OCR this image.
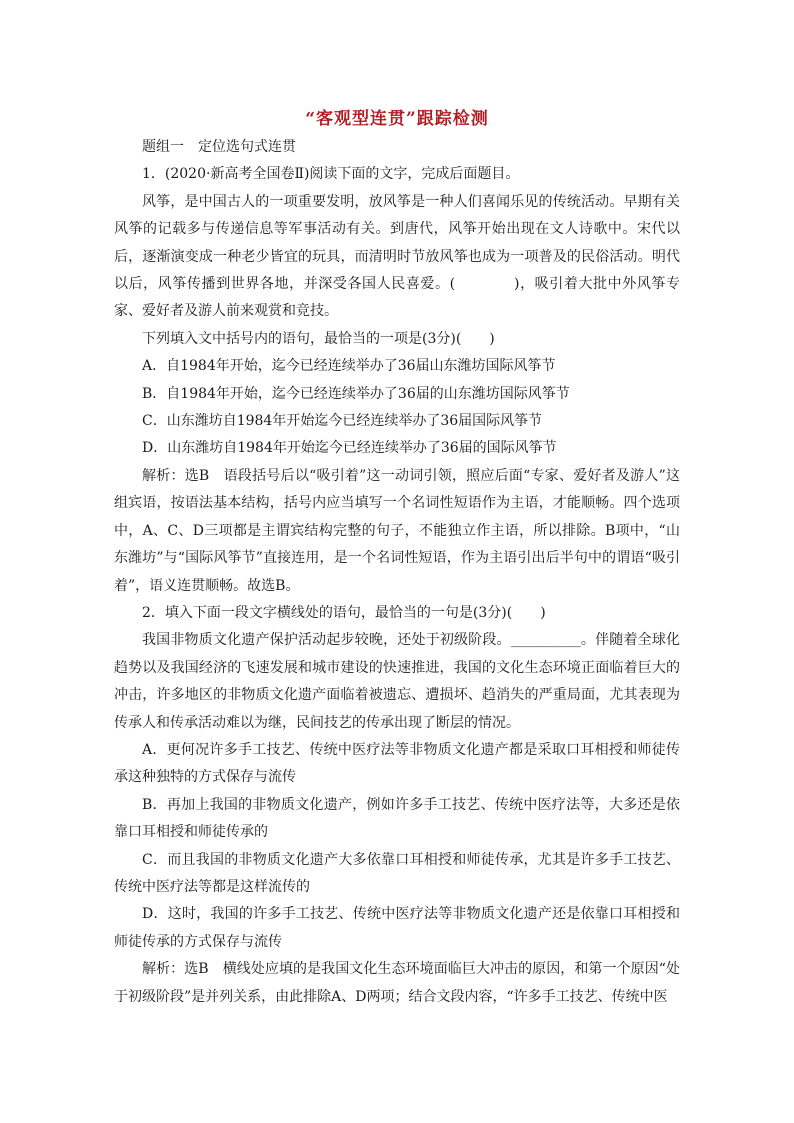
“客观型连贯”跟踪检测

题组一　定位选句式连贯

1．(2020·新高考全国卷Ⅱ)阅读下面的文字，完成后面题目。

风筝，是中国古人的一项重要发明，放风筝是一种人们喜闻乐见的传统活动。早期有关风筝的记载多与传递信息等军事活动有关。到唐代，风筝开始出现在文人诗歌中。宋代以后，逐渐演变成一种老少皆宜的玩具，而清明时节放风筝也成为一项普及的民俗活动。明代以后，风筝传播到世界各地，并深受各国人民喜爱。(　　　　)，吸引着大批中外风筝专家、爱好者及游人前来观赏和竞技。

下列填入文中括号内的语句，最恰当的一项是(3分)(　　)

A．自1984年开始，迄今已经连续举办了36届山东潍坊国际风筝节

B．自1984年开始，迄今已经连续举办了36届的山东潍坊国际风筝节

C．山东潍坊自1984年开始迄今已经连续举办了36届国际风筝节

D．山东潍坊自1984年开始迄今已经连续举办了36届的国际风筝节

解析：选B　语段括号后以“吸引着”这一动词引领，照应后面“专家、爱好者及游人”这组宾语，按语法基本结构，括号内应当填写一个名词性短语作为主语，才能顺畅。四个选项中，A、C、D三项都是主谓宾结构完整的句子，不能独立作主语，所以排除。B项中，“山东潍坊”与“国际风筝节”直接连用，是一个名词性短语，作为主语引出后半句中的谓语“吸引着”，语义连贯顺畅。故选B。

2．填入下面一段文字横线处的语句，最恰当的一句是(3分)(　　)

我国非物质文化遗产保护活动起步较晚，还处于初级阶段。__________。伴随着全球化趋势以及我国经济的飞速发展和城市建设的快速推进，我国的文化生态环境正面临着巨大的冲击，许多地区的非物质文化遗产面临着被遗忘、遭损坏、趋消失的严重局面，尤其表现为传承人和传承活动难以为继，民间技艺的传承出现了断层的情况。

A．更何况许多手工技艺、传统中医疗法等非物质文化遗产都是采取口耳相授和师徒传承这种独特的方式保存与流传

B．再加上我国的非物质文化遗产，例如许多手工技艺、传统中医疗法等，大多还是依靠口耳相授和师徒传承的

C．而且我国的非物质文化遗产大多依靠口耳相授和师徒传承，尤其是许多手工技艺、传统中医疗法等都是这样流传的

D．这时，我国的许多手工技艺、传统中医疗法等非物质文化遗产还是依靠口耳相授和师徒传承的方式保存与流传

解析：选B　横线处应填的是我国文化生态环境面临巨大冲击的原因，和第一个原因“处于初级阶段”是并列关系，由此排除A、D两项；结合文段内容，“许多手工技艺、传统中医
